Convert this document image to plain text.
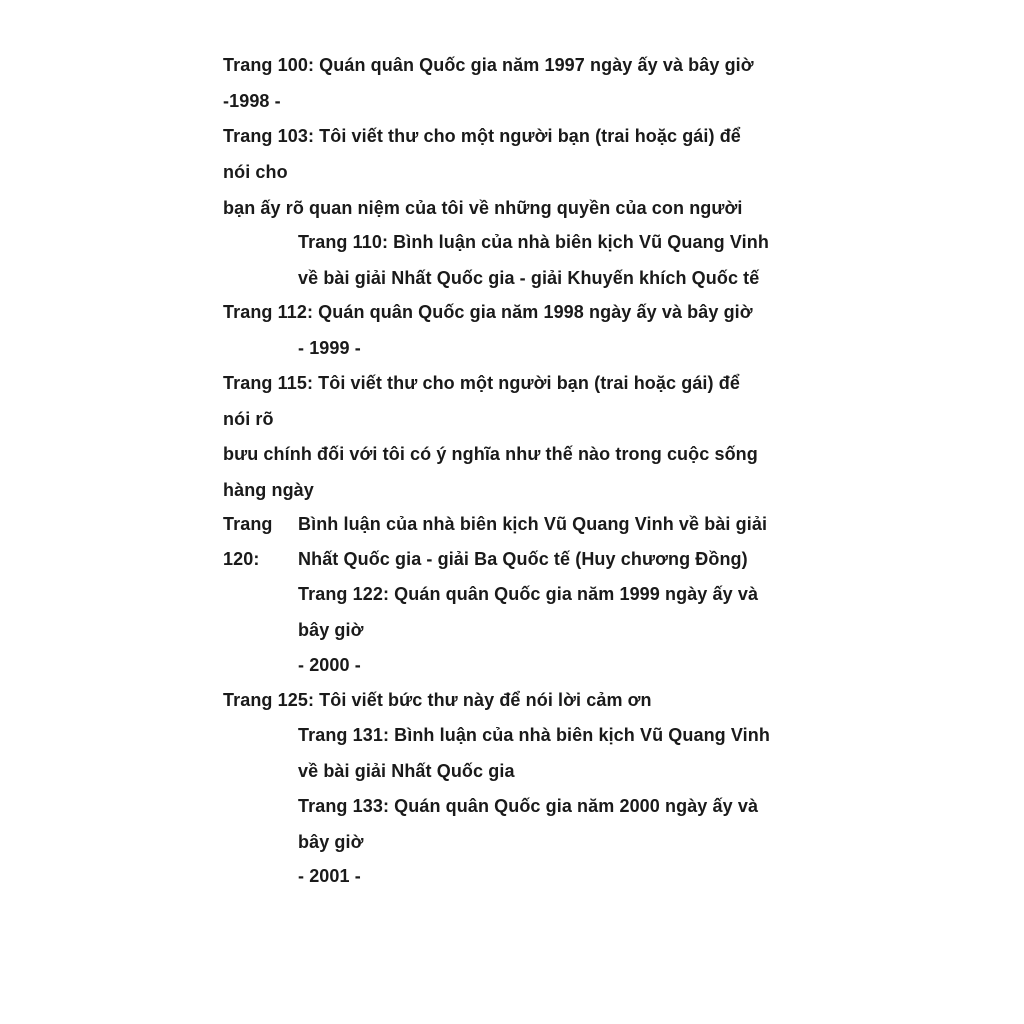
Trang 100: Quán quân Quốc gia năm 1997 ngày ấy và bây giờ
-1998 -
Trang 103: Tôi viết thư cho một người bạn (trai hoặc gái) để
nói cho
bạn ấy rõ quan niệm của tôi về những quyền của con người
Trang 110: Bình luận của nhà biên kịch Vũ Quang Vinh
về bài giải Nhất Quốc gia - giải Khuyến khích Quốc tế
Trang 112: Quán quân Quốc gia năm 1998 ngày ấy và bây giờ
- 1999 -
Trang 115: Tôi viết thư cho một người bạn (trai hoặc gái) để
nói rõ
bưu chính đối với tôi có ý nghĩa như thế nào trong cuộc sống
hàng ngày
Trang Bình luận của nhà biên kịch Vũ Quang Vinh về bài giải
120: Nhất Quốc gia - giải Ba Quốc tế (Huy chương Đồng)
Trang 122: Quán quân Quốc gia năm 1999 ngày ấy và
bây giờ
- 2000 -
Trang 125: Tôi viết bức thư này để nói lời cảm ơn
Trang 131: Bình luận của nhà biên kịch Vũ Quang Vinh
về bài giải Nhất Quốc gia
Trang 133: Quán quân Quốc gia năm 2000 ngày ấy và
bây giờ
- 2001 -
